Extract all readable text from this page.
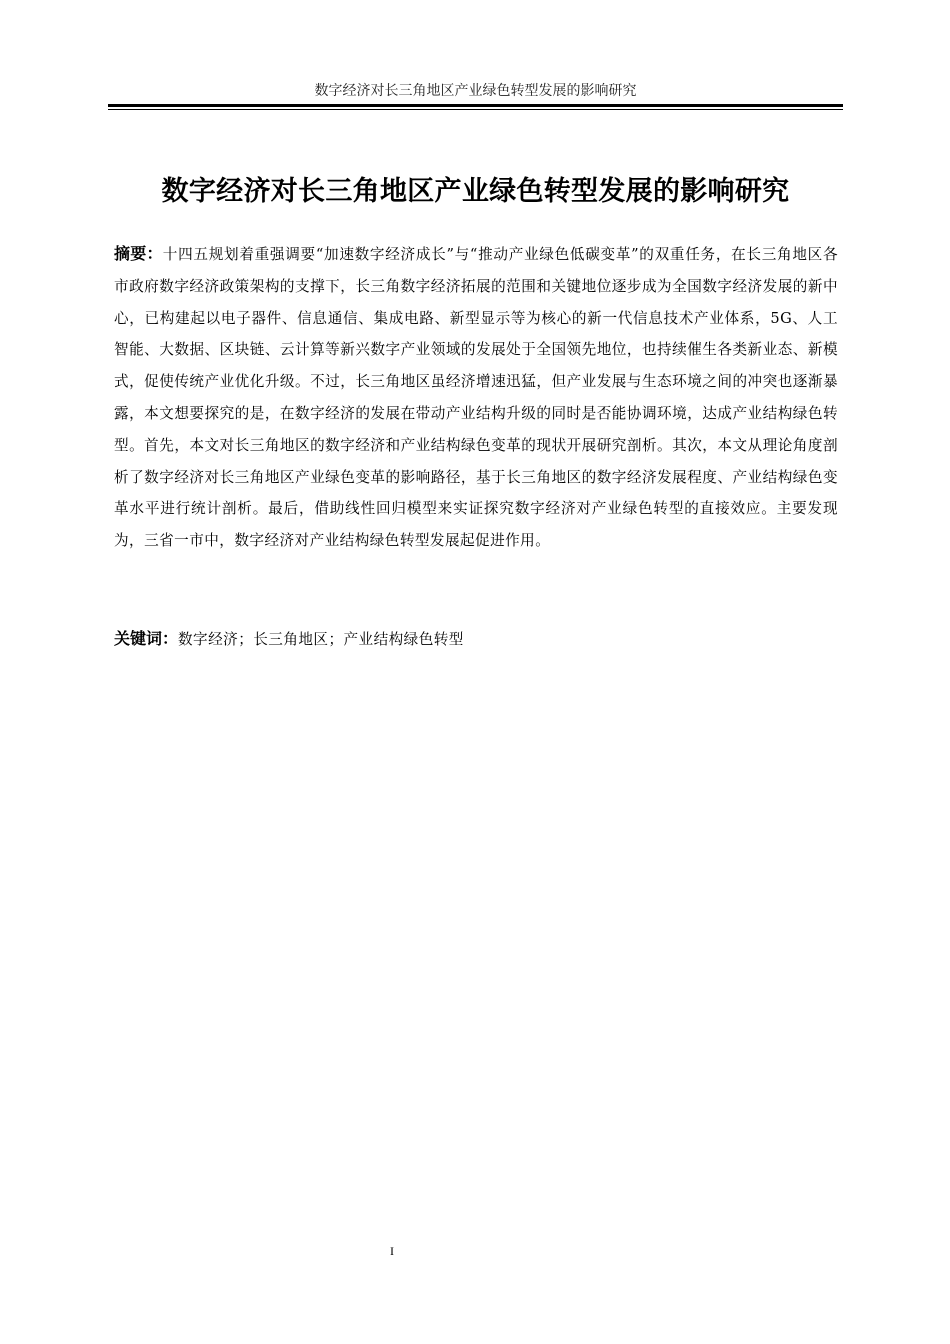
数字经济对长三角地区产业绿色转型发展的影响研究
数字经济对长三角地区产业绿色转型发展的影响研究
摘要：十四五规划着重强调要“加速数字经济成长”与“推动产业绿色低碳变革”的双重任务，在长三角地区各市政府数字经济政策架构的支撑下，长三角数字经济拓展的范围和关键地位逐步成为全国数字经济发展的新中心，已构建起以电子器件、信息通信、集成电路、新型显示等为核心的新一代信息技术产业体系，5G、人工智能、大数据、区块链、云计算等新兴数字产业领域的发展处于全国领先地位，也持续催生各类新业态、新模式，促使传统产业优化升级。不过，长三角地区虽经济增速迅猛，但产业发展与生态环境之间的冲突也逐渐暴露，本文想要探究的是，在数字经济的发展在带动产业结构升级的同时是否能协调环境，达成产业结构绿色转型。首先，本文对长三角地区的数字经济和产业结构绿色变革的现状开展研究剖析。其次，本文从理论角度剖析了数字经济对长三角地区产业绿色变革的影响路径，基于长三角地区的数字经济发展程度、产业结构绿色变革水平进行统计剖析。最后，借助线性回归模型来实证探究数字经济对产业绿色转型的直接效应。主要发现为，三省一市中，数字经济对产业结构绿色转型发展起促进作用。
关键词：数字经济；长三角地区；产业结构绿色转型
I
